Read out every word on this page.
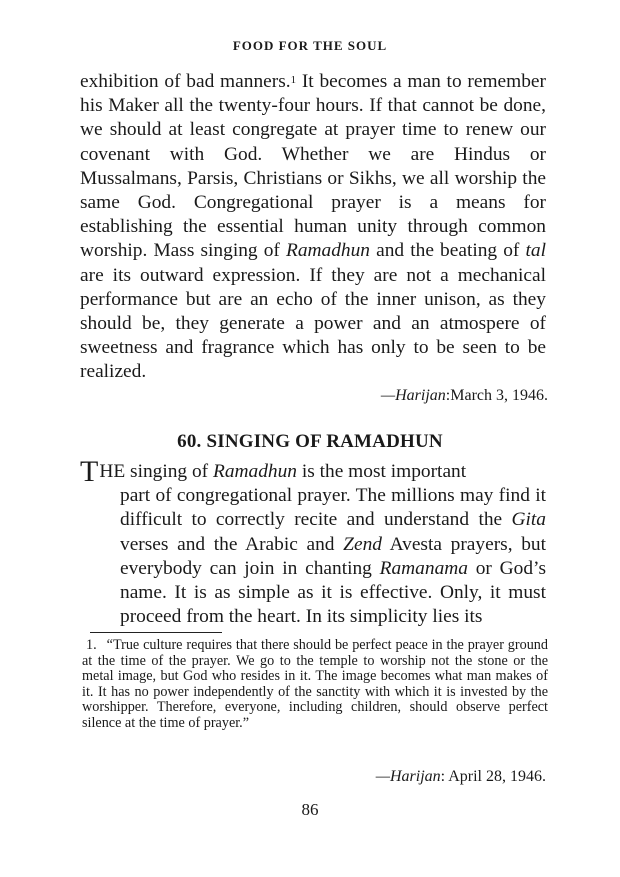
FOOD FOR THE SOUL
exhibition of bad manners.$^1$ It becomes a man to remember his Maker all the twenty-four hours. If that cannot be done, we should at least congregate at prayer time to renew our covenant with God. Whether we are Hindus or Mussalmans, Parsis, Christians or Sikhs, we all worship the same God. Congregational prayer is a means for establishing the essential human unity through common worship. Mass singing of Ramadhun and the beating of tal are its outward expression. If they are not a mechanical performance but are an echo of the inner unison, as they should be, they generate a power and an atmospere of sweetness and fragrance which has only to be seen to be realized.
—Harijan:March 3, 1946.
60. SINGING OF RAMADHUN
THE singing of Ramadhun is the most important
part of congregational prayer. The millions may find it difficult to correctly recite and understand the Gita verses and the Arabic and Zend Avesta prayers, but everybody can join in chanting Ramanama or God’s name. It is as simple as it is effective. Only, it must proceed from the heart. In its simplicity lies its
1. “True culture requires that there should be perfect peace in the prayer ground at the time of the prayer. We go to the temple to worship not the stone or the metal image, but God who resides in it. The image becomes what man makes of it. It has no power independently of the sanctity with which it is invested by the worshipper. Therefore, everyone, including children, should observe perfect silence at the time of prayer.”
—Harijan: April 28, 1946.
86
